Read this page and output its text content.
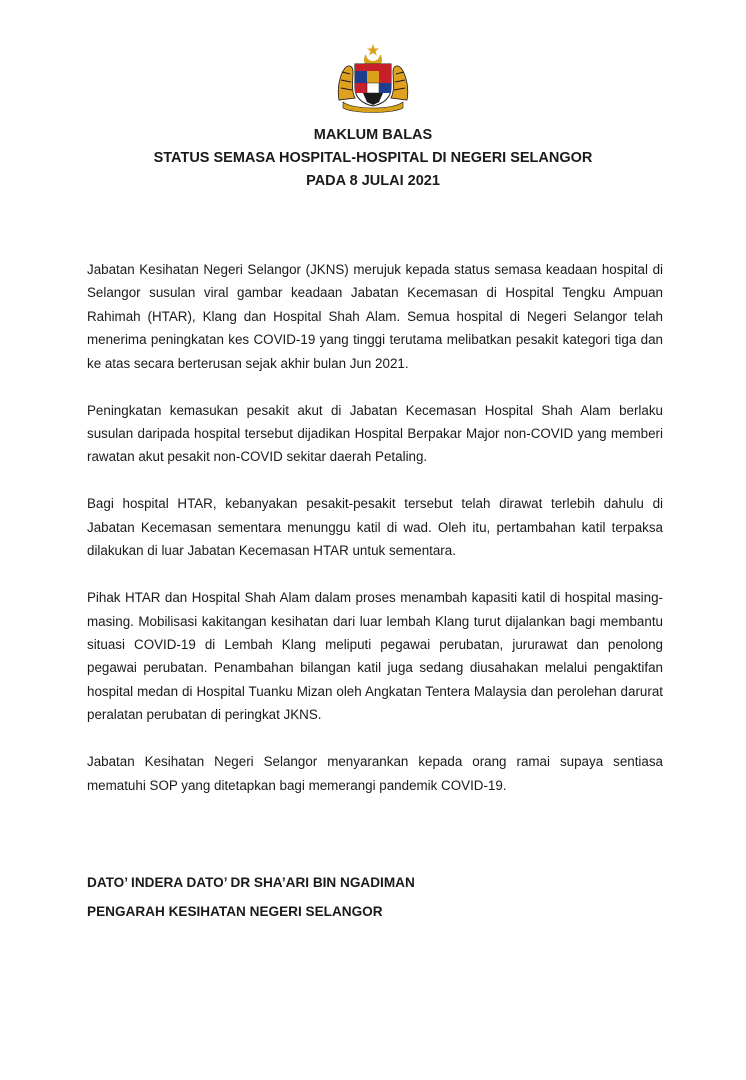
MAKLUM BALAS
STATUS SEMASA HOSPITAL-HOSPITAL DI NEGERI SELANGOR
PADA 8 JULAI 2021

Jabatan Kesihatan Negeri Selangor (JKNS) merujuk kepada status semasa keadaan hospital di Selangor susulan viral gambar keadaan Jabatan Kecemasan di Hospital Tengku Ampuan Rahimah (HTAR), Klang dan Hospital Shah Alam. Semua hospital di Negeri Selangor telah menerima peningkatan kes COVID-19 yang tinggi terutama melibatkan pesakit kategori tiga dan ke atas secara berterusan sejak akhir bulan Jun 2021.

Peningkatan kemasukan pesakit akut di Jabatan Kecemasan Hospital Shah Alam berlaku susulan daripada hospital tersebut dijadikan Hospital Berpakar Major non-COVID yang memberi rawatan akut pesakit non-COVID sekitar daerah Petaling.

Bagi hospital HTAR, kebanyakan pesakit-pesakit tersebut telah dirawat terlebih dahulu di Jabatan Kecemasan sementara menunggu katil di wad. Oleh itu, pertambahan katil terpaksa dilakukan di luar Jabatan Kecemasan HTAR untuk sementara.

Pihak HTAR dan Hospital Shah Alam dalam proses menambah kapasiti katil di hospital masing-masing. Mobilisasi kakitangan kesihatan dari luar lembah Klang turut dijalankan bagi membantu situasi COVID-19 di Lembah Klang meliputi pegawai perubatan, jururawat dan penolong pegawai perubatan. Penambahan bilangan katil juga sedang diusahakan melalui pengaktifan hospital medan di Hospital Tuanku Mizan oleh Angkatan Tentera Malaysia dan perolehan darurat peralatan perubatan di peringkat JKNS.

Jabatan Kesihatan Negeri Selangor menyarankan kepada orang ramai supaya sentiasa mematuhi SOP yang ditetapkan bagi memerangi pandemik COVID-19.

DATO’ INDERA DATO’ DR SHA’ARI BIN NGADIMAN
PENGARAH KESIHATAN NEGERI SELANGOR
